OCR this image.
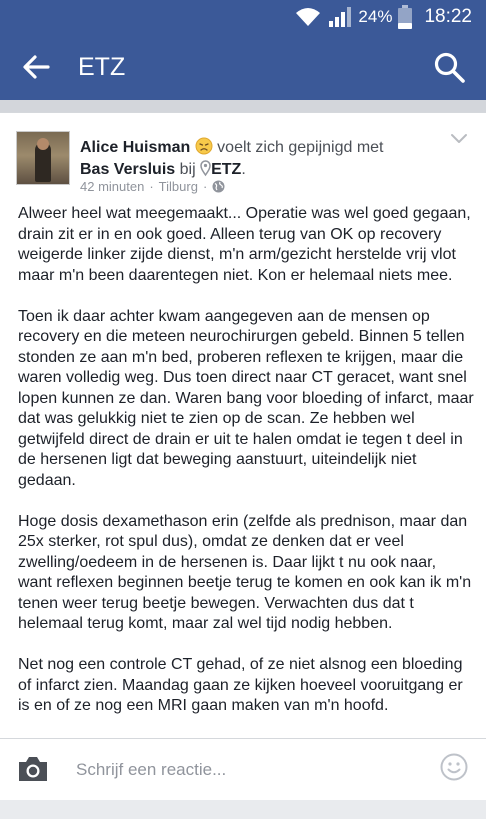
24% 18:22
ETZ
Alice Huisman voelt zich gepijnigd met Bas Versluis bij ETZ.
42 minuten · Tilburg ·

Alweer heel wat meegemaakt... Operatie was wel goed gegaan, drain zit er in en ook goed. Alleen terug van OK op recovery weigerde linker zijde dienst, m'n arm/gezicht herstelde vrij vlot maar m'n been daarentegen niet. Kon er helemaal niets mee.

Toen ik daar achter kwam aangegeven aan de mensen op recovery en die meteen neurochirurgen gebeld. Binnen 5 tellen stonden ze aan m'n bed, proberen reflexen te krijgen, maar die waren volledig weg. Dus toen direct naar CT geracet, want snel lopen kunnen ze dan. Waren bang voor bloeding of infarct, maar dat was gelukkig niet te zien op de scan. Ze hebben wel getwijfeld direct de drain er uit te halen omdat ie tegen t deel in de hersenen ligt dat beweging aanstuurt, uiteindelijk niet gedaan.

Hoge dosis dexamethason erin (zelfde als prednison, maar dan 25x sterker, rot spul dus), omdat ze denken dat er veel zwelling/oedeem in de hersenen is. Daar lijkt t nu ook naar, want reflexen beginnen beetje terug te komen en ook kan ik m'n tenen weer terug beetje bewegen. Verwachten dus dat t helemaal terug komt, maar zal wel tijd nodig hebben.

Net nog een controle CT gehad, of ze niet alsnog een bloeding of infarct zien. Maandag gaan ze kijken hoeveel vooruitgang er is en of ze nog een MRI gaan maken van m'n hoofd.

Schrijf een reactie...
